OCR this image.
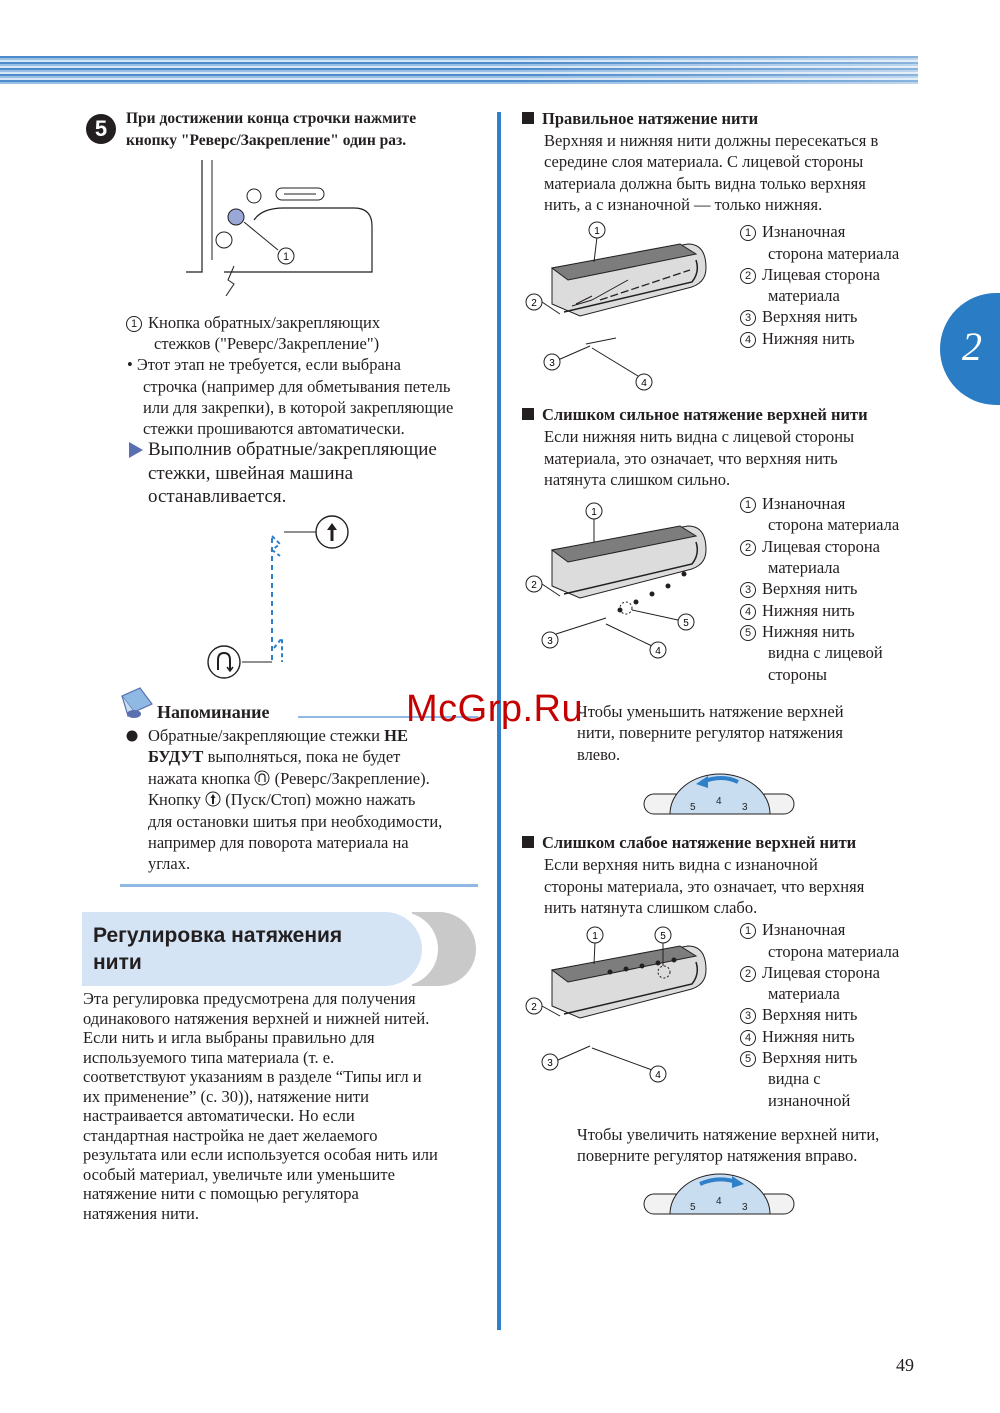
2
5	При достижении конца строчки нажмите
кнопку "Реверс/Закрепление" один раз.
1
1 Кнопка обратных/закрепляющих
стежков ("Реверс/Закрепление")
• Этот этап не требуется, если выбрана
строчка (например для обметывания петель
или для закрепки), в которой закрепляющие
стежки прошиваются автоматически.
Выполнив обратные/закрепляющие
стежки, швейная машина
останавливается.
Напоминание
Обратные/закрепляющие стежки НЕ
БУДУТ выполняться, пока не будет
нажата кнопка  (Реверс/Закрепление).
Кнопку  (Пуск/Стоп) можно нажать
для остановки шитья при необходимости,
например для поворота материала на
углах.
Регулировка натяжения
нити
Эта регулировка предусмотрена для получения
одинакового натяжения верхней и нижней нитей.
Если нить и игла выбраны правильно для
используемого типа материала (т. е.
соответствуют указаниям в разделе “Типы игл и
их применение” (с. 30)), натяжение нити
настраивается автоматически. Но если
стандартная настройка не дает желаемого
результата или если используется особая нить или
особый материал, увеличьте или уменьшите
натяжение нити с помощью регулятора
натяжения нити.
Правильное натяжение нити
Верхняя и нижняя нити должны пересекаться в
середине слоя материала. С лицевой стороны
материала должна быть видна только верхняя
нить, а с изнаночной — только нижняя.
1
2
3
4
1 Изнаночная
сторона материала
2 Лицевая сторона
материала
3 Верхняя нить
4 Нижняя нить
Слишком сильное натяжение верхней нити
Если нижняя нить видна с лицевой стороны
материала, это означает, что верхняя нить
натянута слишком сильно.
5
1
2
3
4
1 Изнаночная
сторона материала
2 Лицевая сторона
материала
3 Верхняя нить
4 Нижняя нить
5 Нижняя нить
видна с лицевой
стороны
Чтобы уменьшить натяжение верхней
нити, поверните регулятор натяжения
влево.
5
4
3
Слишком слабое натяжение верхней нити
Если верхняя нить видна с изнаночной
стороны материала, это означает, что верхняя
нить натянута слишком слабо.
1	5
2
3
4
1 Изнаночная
сторона материала
2 Лицевая сторона
материала
3 Верхняя нить
4 Нижняя нить
5 Верхняя нить
видна с
изнаночной
Чтобы увеличить натяжение верхней нити,
поверните регулятор натяжения вправо.
5
4
3
McGrp.Ru
49
